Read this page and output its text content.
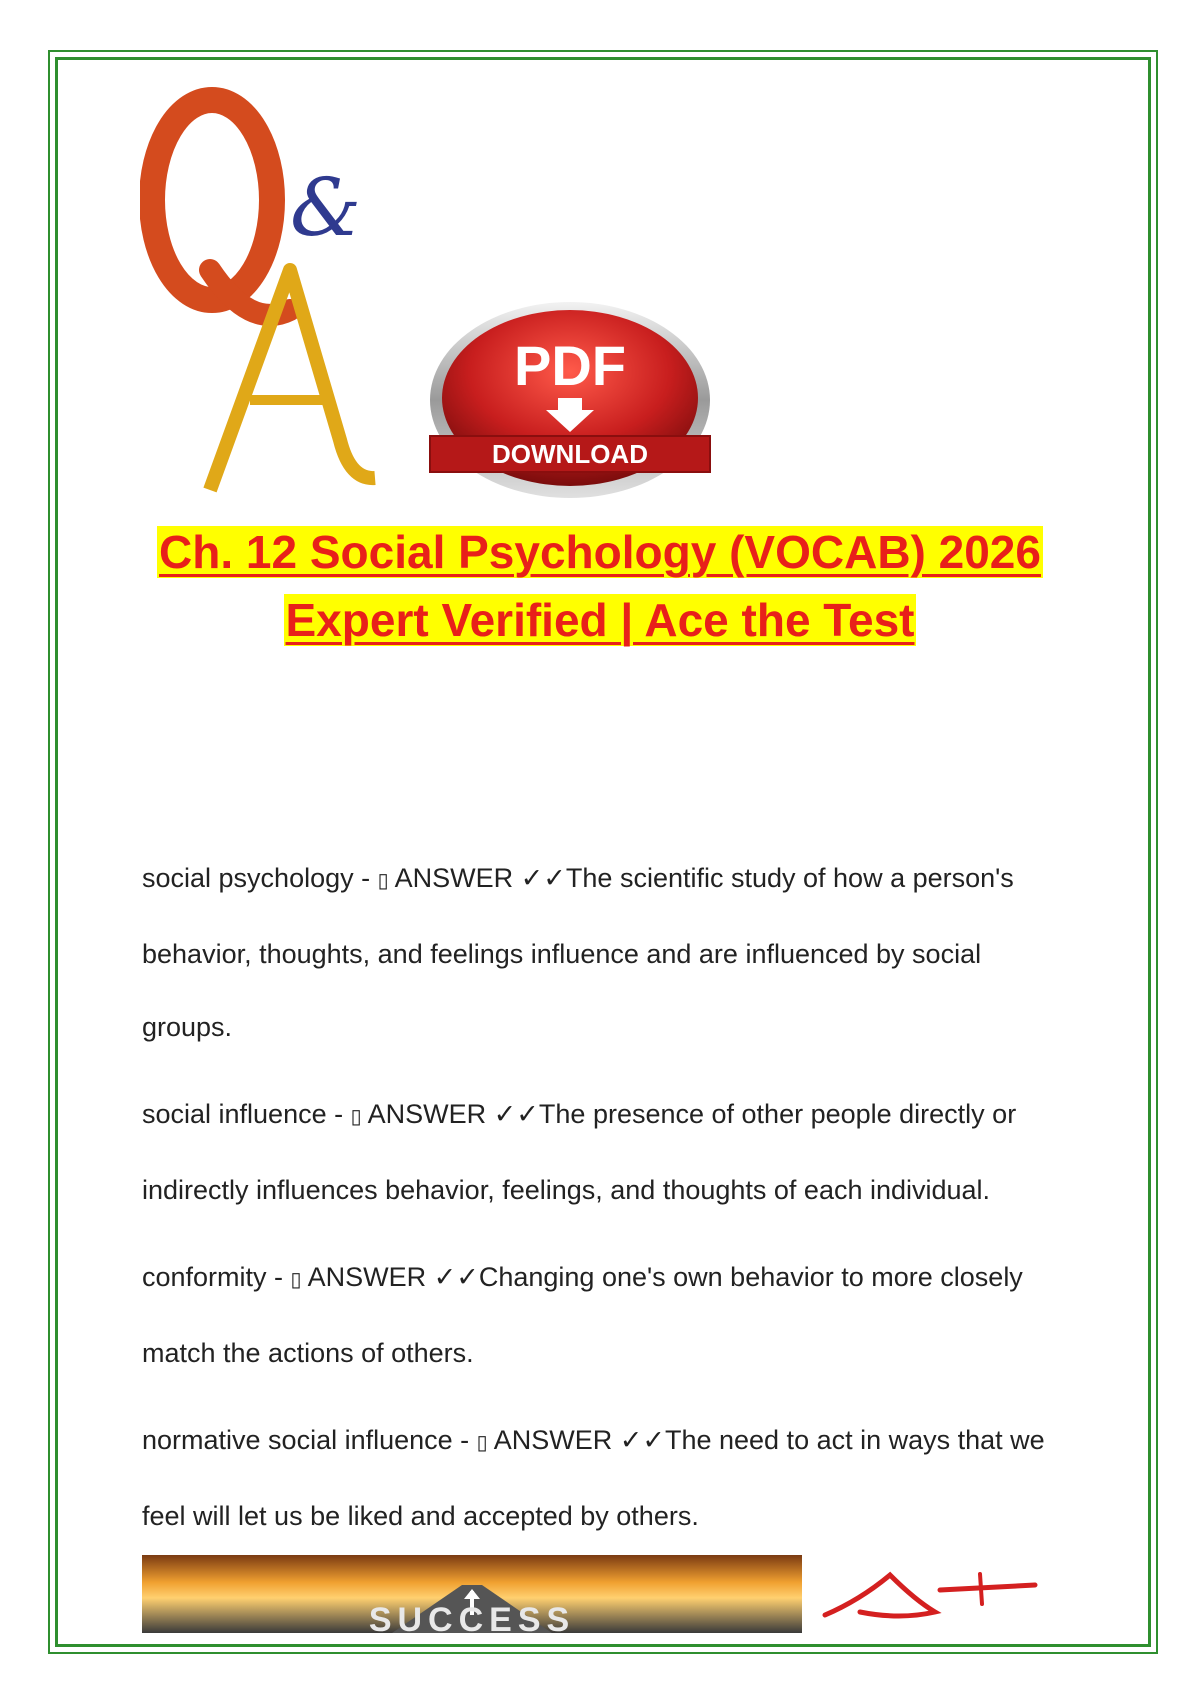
&
PDF
DOWNLOAD
Ch. 12 Social Psychology (VOCAB) 2026
Expert Verified | Ace the Test
social psychology - ▯ ANSWER ✓✓The scientific study of how a person's behavior, thoughts, and feelings influence and are influenced by social groups.
social influence - ▯ ANSWER ✓✓The presence of other people directly or indirectly influences behavior, feelings, and thoughts of each individual.
conformity - ▯ ANSWER ✓✓Changing one's own behavior to more closely match the actions of others.
normative social influence - ▯ ANSWER ✓✓The need to act in ways that we feel will let us be liked and accepted by others.
SUCCESS
